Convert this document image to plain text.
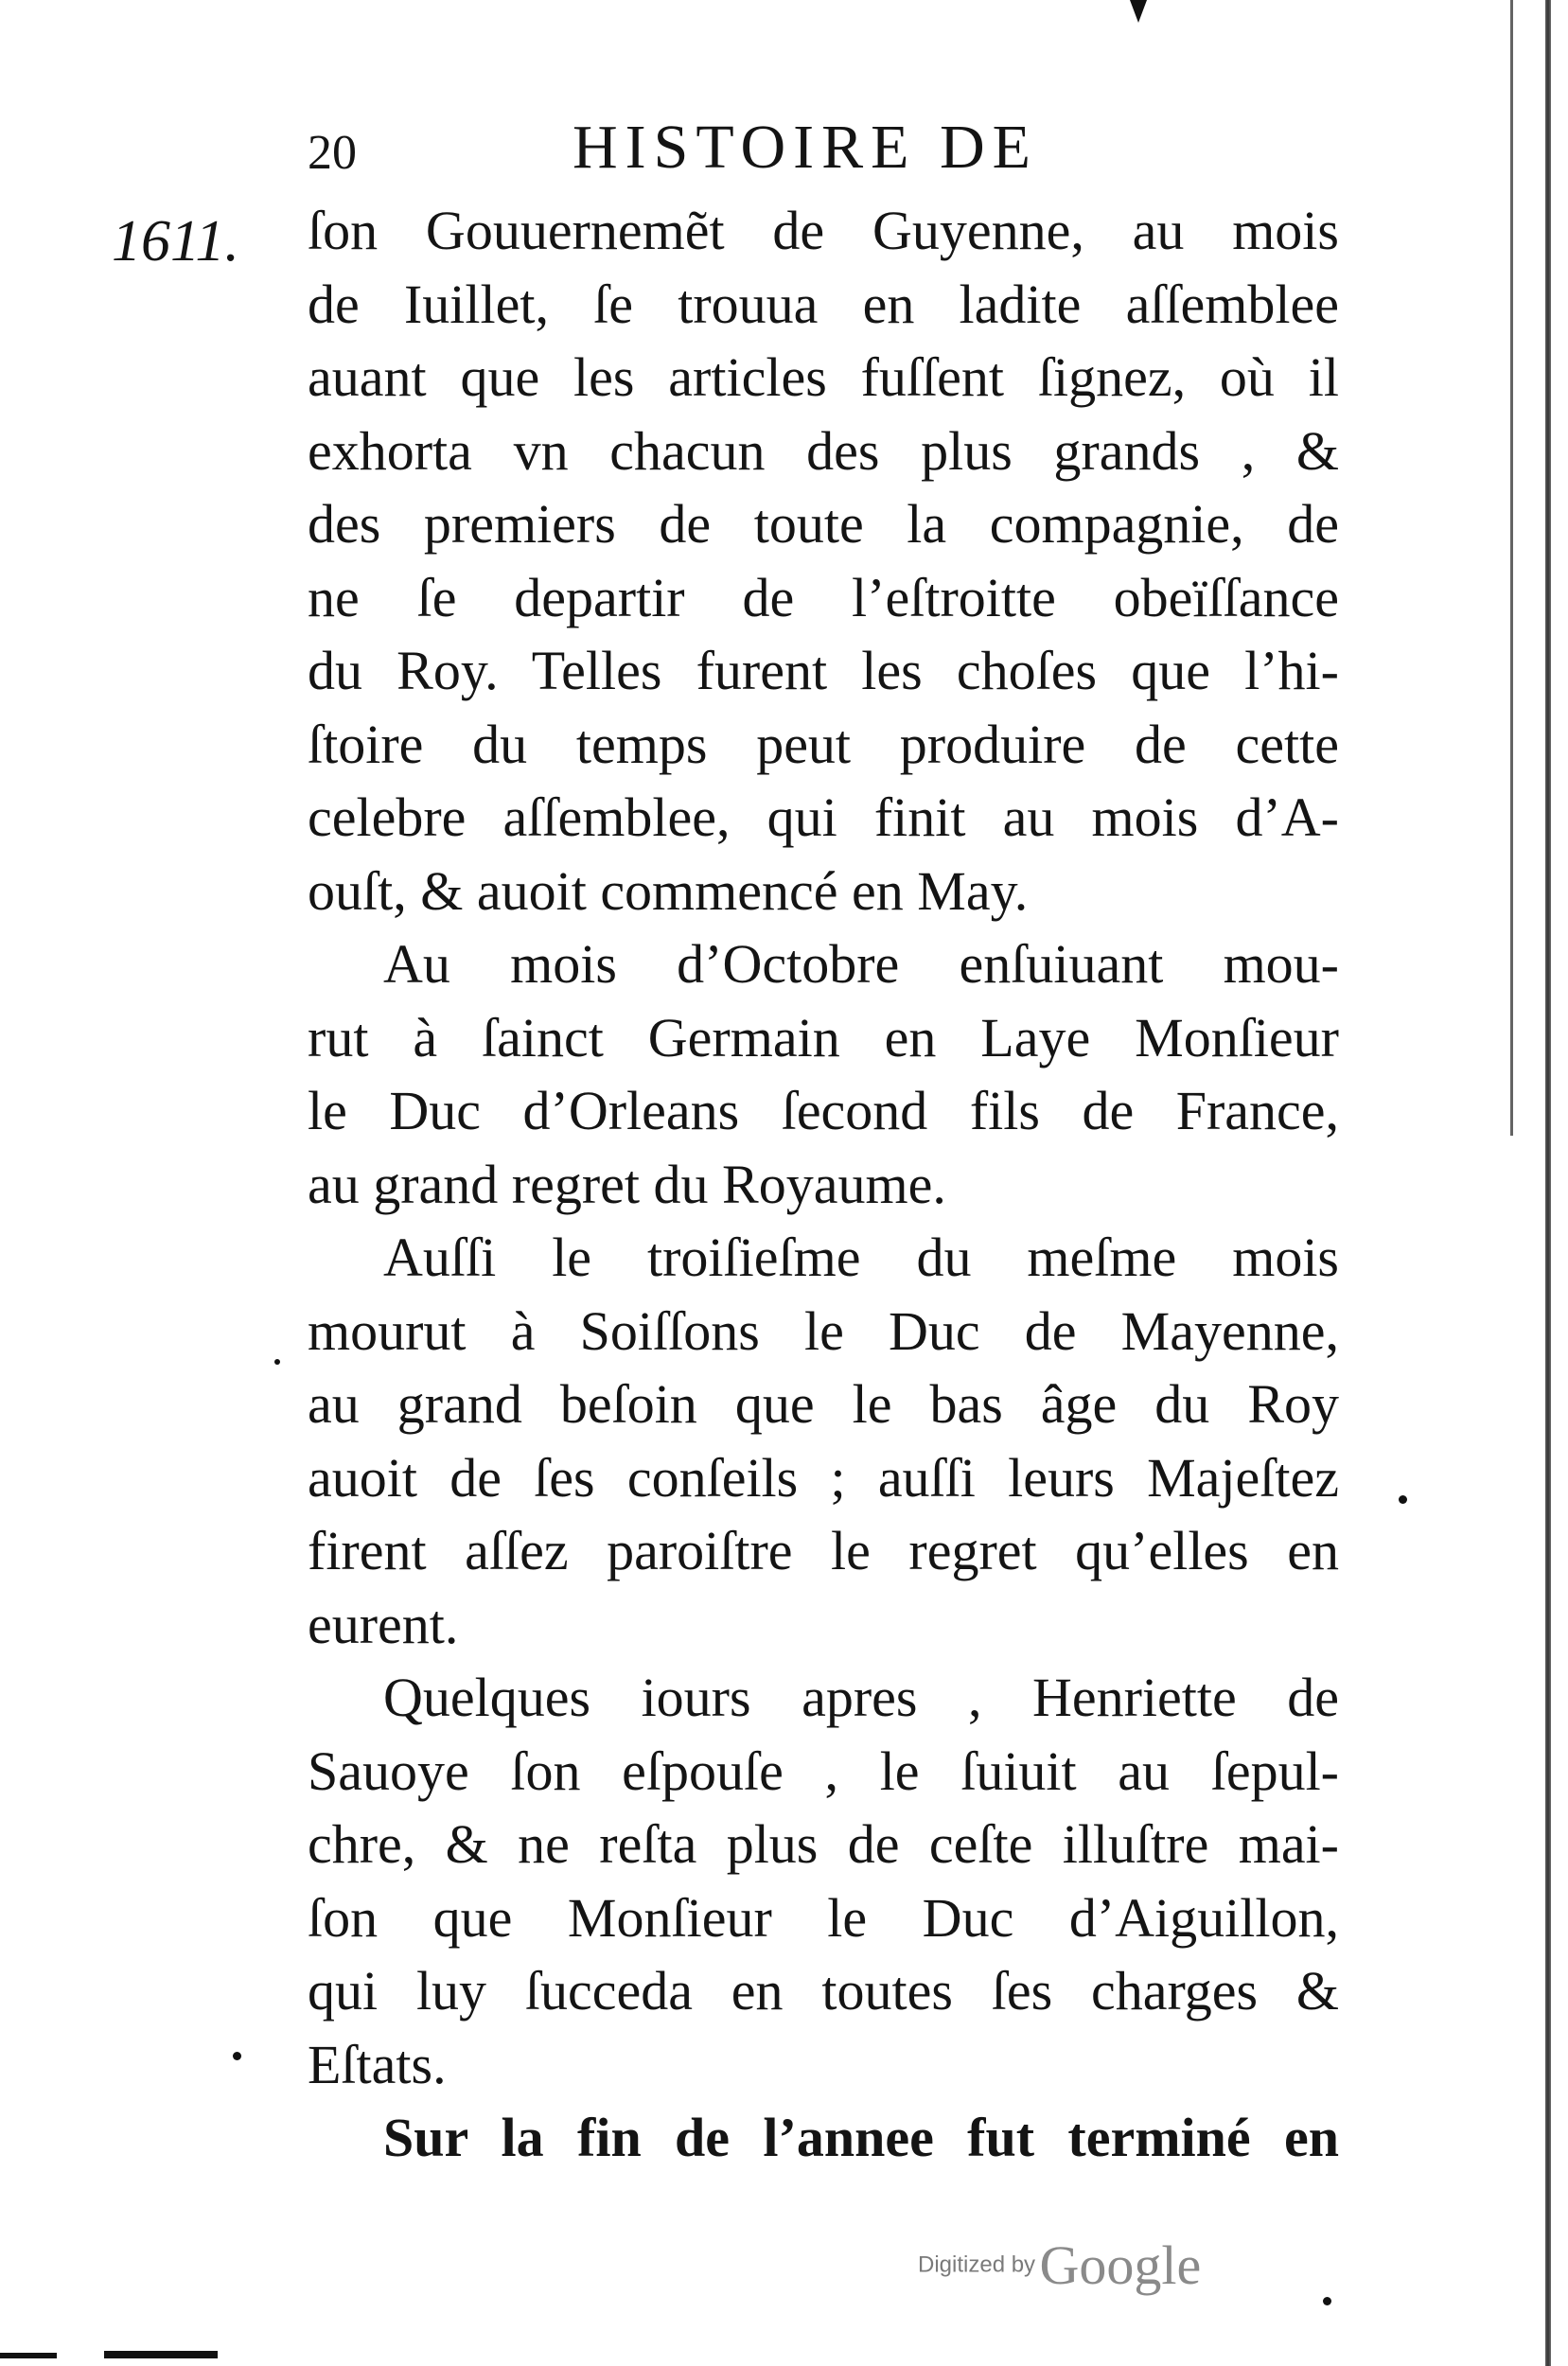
20	HISTOIRE DE
1611. ſon Gouuernemẽt de Guyenne, au mois
de Iuillet, ſe trouua en ladite aſſemblee
auant que les articles fuſſent ſignez, où il
exhorta vn chacun des plus grands , &
des premiers de toute la compagnie, de
ne ſe departir de l’eſtroitte obeïſſance
du Roy. Telles furent les choſes que l’hi-
ſtoire du temps peut produire de cette
celebre aſſemblee, qui finit au mois d’A-
ouſt, & auoit commencé en May.
Au mois d’Octobre enſuiuant mou-
rut à ſainct Germain en Laye Monſieur
le Duc d’Orleans ſecond fils de France,
au grand regret du Royaume.
Auſſi le troiſieſme du meſme mois
mourut à Soiſſons le Duc de Mayenne,
au grand beſoin que le bas âge du Roy
auoit de ſes conſeils ; auſſi leurs Majeſtez
firent aſſez paroiſtre le regret qu’elles en
eurent.
Quelques iours apres , Henriette de
Sauoye ſon eſpouſe , le ſuiuit au ſepul-
chre, & ne reſta plus de ceſte illuſtre mai-
ſon que Monſieur le Duc d’Aiguillon,
qui luy ſucceda en toutes ſes charges &
Eſtats.
Sur la fin de l’annee fut terminé en
Digitized by Google
